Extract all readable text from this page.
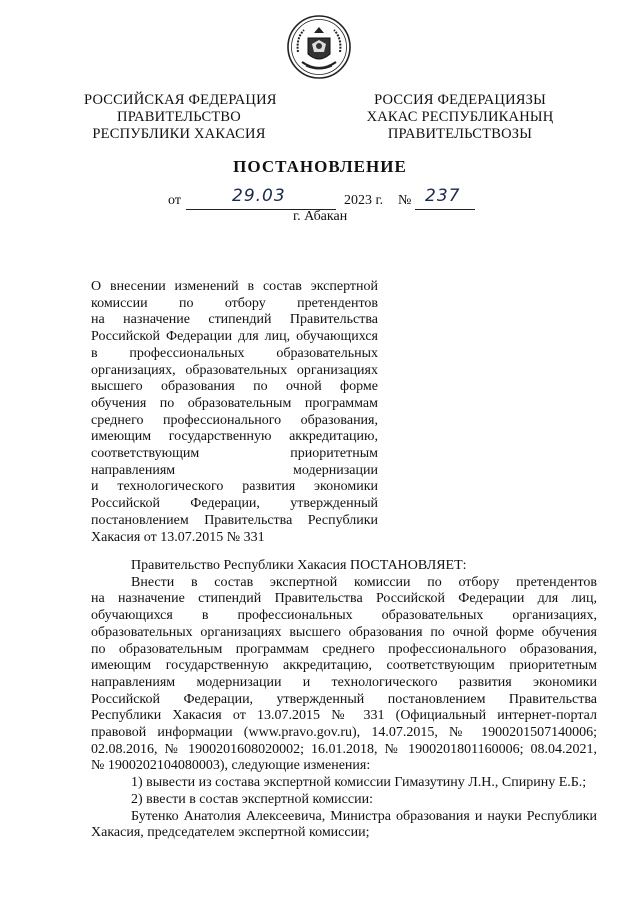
РОССИЙСКАЯ ФЕДЕРАЦИЯ
ПРАВИТЕЛЬСТВО
РЕСПУБЛИКИ ХАКАСИЯ
РОССИЯ ФЕДЕРАЦИЯЗЫ
ХАКАС РЕСПУБЛИКАНЫҢ
ПРАВИТЕЛЬСТВОЗЫ
ПОСТАНОВЛЕНИЕ
от	29.03	2023 г. № 237
г. Абакан
О внесении изменений в состав экспертной
комиссии по отбору претендентов
на назначение стипендий Правительства
Российской Федерации для лиц, обучающихся
в профессиональных образовательных
организациях, образовательных организациях
высшего образования по очной форме
обучения по образовательным программам
среднего профессионального образования,
имеющим государственную аккредитацию,
соответствующим приоритетным
направлениям модернизации
и технологического развития экономики
Российской Федерации, утвержденный
постановлением Правительства Республики
Хакасия от 13.07.2015 № 331
Правительство Республики Хакасия ПОСТАНОВЛЯЕТ:
Внести в состав экспертной комиссии по отбору претендентов
на назначение стипендий Правительства Российской Федерации для лиц,
обучающихся в профессиональных образовательных организациях,
образовательных организациях высшего образования по очной форме обучения
по образовательным программам среднего профессионального образования,
имеющим государственную аккредитацию, соответствующим приоритетным
направлениям модернизации и технологического развития экономики
Российской Федерации, утвержденный постановлением Правительства
Республики Хакасия от 13.07.2015 № 331 (Официальный интернет-портал
правовой информации (www.pravo.gov.ru), 14.07.2015, № 1900201507140006;
02.08.2016, № 1900201608020002; 16.01.2018, № 1900201801160006; 08.04.2021,
№ 1900202104080003), следующие изменения:
1) вывести из состава экспертной комиссии Гимазутину Л.Н., Спирину Е.Б.;
2) ввести в состав экспертной комиссии:
Бутенко Анатолия Алексеевича, Министра образования и науки Республики
Хакасия, председателем экспертной комиссии;
